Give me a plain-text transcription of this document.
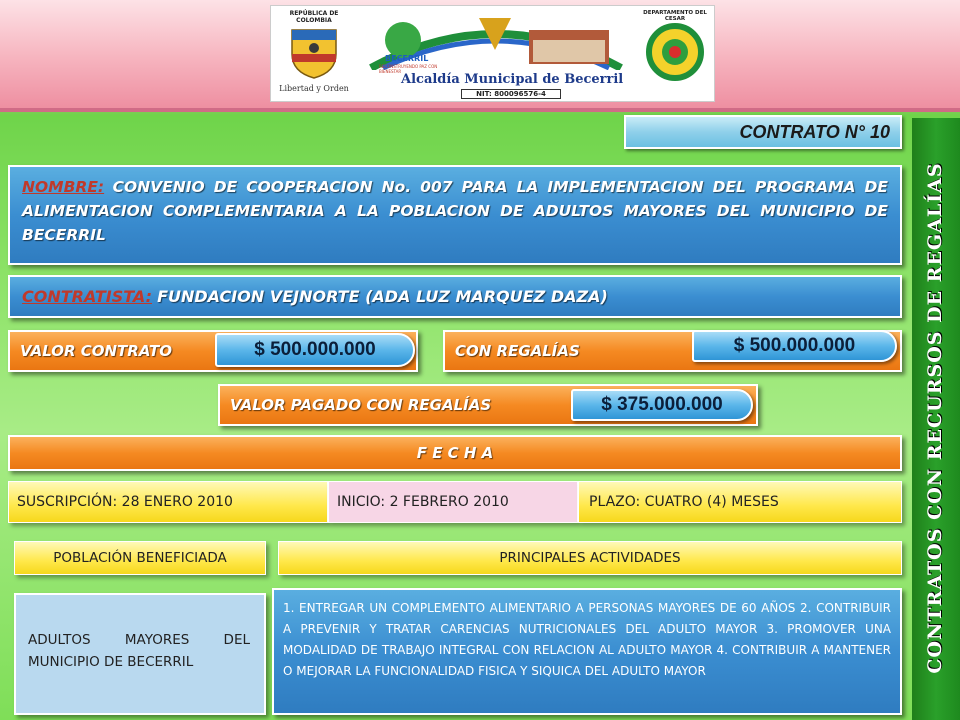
REPÚBLICA DE COLOMBIA
Libertad y Orden
BECERRIL
RECONSTRUYENDO PAZ CON BIENESTAR
Alcaldía Municipal de Becerril
NIT: 800096576-4
DEPARTAMENTO DEL CESAR
CONTRATOS CON RECURSOS DE REGALÍAS
CONTRATO N° 10
NOMBRE: CONVENIO DE COOPERACION No. 007 PARA LA IMPLEMENTACION DEL PROGRAMA DE ALIMENTACION COMPLEMENTARIA A LA POBLACION DE ADULTOS MAYORES DEL MUNICIPIO DE BECERRIL
CONTRATISTA: FUNDACION VEJNORTE (ADA LUZ MARQUEZ DAZA)
VALOR CONTRATO	$ 500.000.000	CON REGALÍAS	$ 500.000.000
VALOR PAGADO CON REGALÍAS	$ 375.000.000
F E C H A
SUSCRIPCIÓN: 28 ENERO 2010	INICIO: 2 FEBRERO 2010	PLAZO: CUATRO (4) MESES
POBLACIÓN BENEFICIADA	PRINCIPALES ACTIVIDADES
ADULTOS MAYORES DEL MUNICIPIO DE BECERRIL
1. ENTREGAR UN COMPLEMENTO ALIMENTARIO A PERSONAS MAYORES DE 60 AÑOS 2. CONTRIBUIR A PREVENIR Y TRATAR CARENCIAS NUTRICIONALES DEL ADULTO MAYOR 3. PROMOVER UNA MODALIDAD DE TRABAJO INTEGRAL CON RELACION AL ADULTO MAYOR 4. CONTRIBUIR A MANTENER O MEJORAR LA FUNCIONALIDAD FISICA Y SIQUICA DEL ADULTO MAYOR
